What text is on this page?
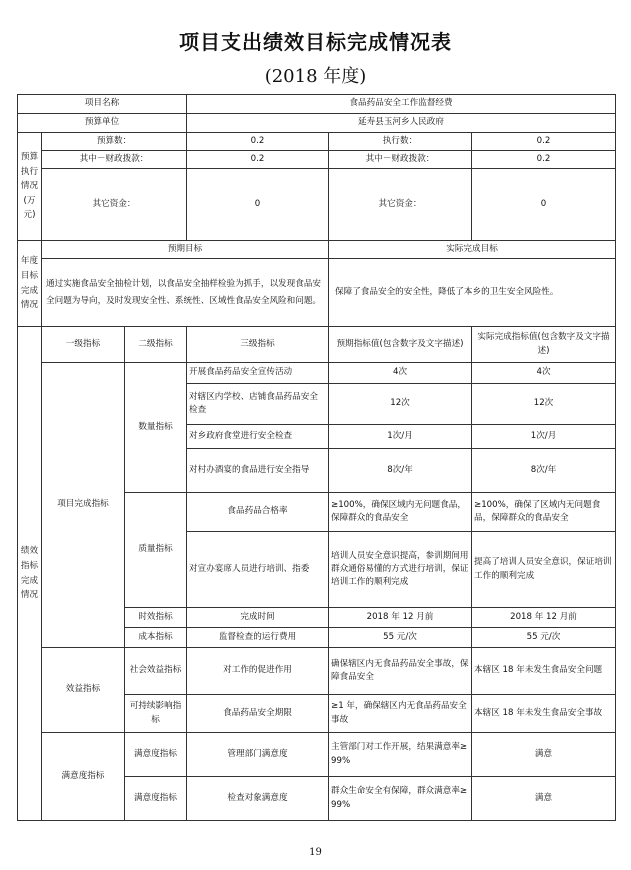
项目支出绩效目标完成情况表
(2018 年度)
项目名称			食品药品安全工作监督经费		
预算单位			延寿县玉河乡人民政府		
预算执行情况(万元)	预算数：		0.2	执行数：	0.2
	其中－财政拨款：		0.2	其中－财政拨款：	0.2
	其它资金：		0	其它资金：	0
年度目标完成情况	预期目标			实际完成目标	
	通过实施食品安全抽检计划，以食品安全抽样检验为抓手，以发现食品安全问题为导向，及时发现安全性、系统性、区域性食品安全风险和问题。			保障了食品安全的安全性，降低了本乡的卫生安全风险性。	
绩效指标完成情况	一级指标	二级指标	三级指标	预期指标值(包含数字及文字描述)	实际完成指标值(包含数字及文字描述)
	项目完成指标	数量指标	开展食品药品安全宣传活动	4次	4次
			对辖区内学校、店铺食品药品安全检查	12次	12次
			对乡政府食堂进行安全检查	1次/月	1次/月
			对村办酒宴的食品进行安全指导	8次/年	8次/年
		质量指标	食品药品合格率	≥100%，确保区域内无问题食品，保障群众的食品安全	≥100%，确保了区域内无问题食品，保障群众的食品安全
			对宣办宴席人员进行培训、指委	培训人员安全意识提高，参训期间用群众通俗易懂的方式进行培训，保证培训工作的顺利完成	提高了培训人员安全意识，保证培训工作的顺利完成
		时效指标	完成时间	2018 年 12 月前	2018 年 12 月前
		成本指标	监督检查的运行费用	55 元/次	55 元/次
	效益指标	社会效益指标	对工作的促进作用	确保辖区内无食品药品安全事故，保障食品安全	本辖区 18 年未发生食品安全问题
		可持续影响指标	食品药品安全期限	≥1 年，确保辖区内无食品药品安全事故	本辖区 18 年未发生食品安全事故
	满意度指标	满意度指标	管理部门满意度	主管部门对工作开展，结果满意率≥99%	满意
		满意度指标	检查对象满意度	群众生命安全有保障，群众满意率≥99%	满意
19
